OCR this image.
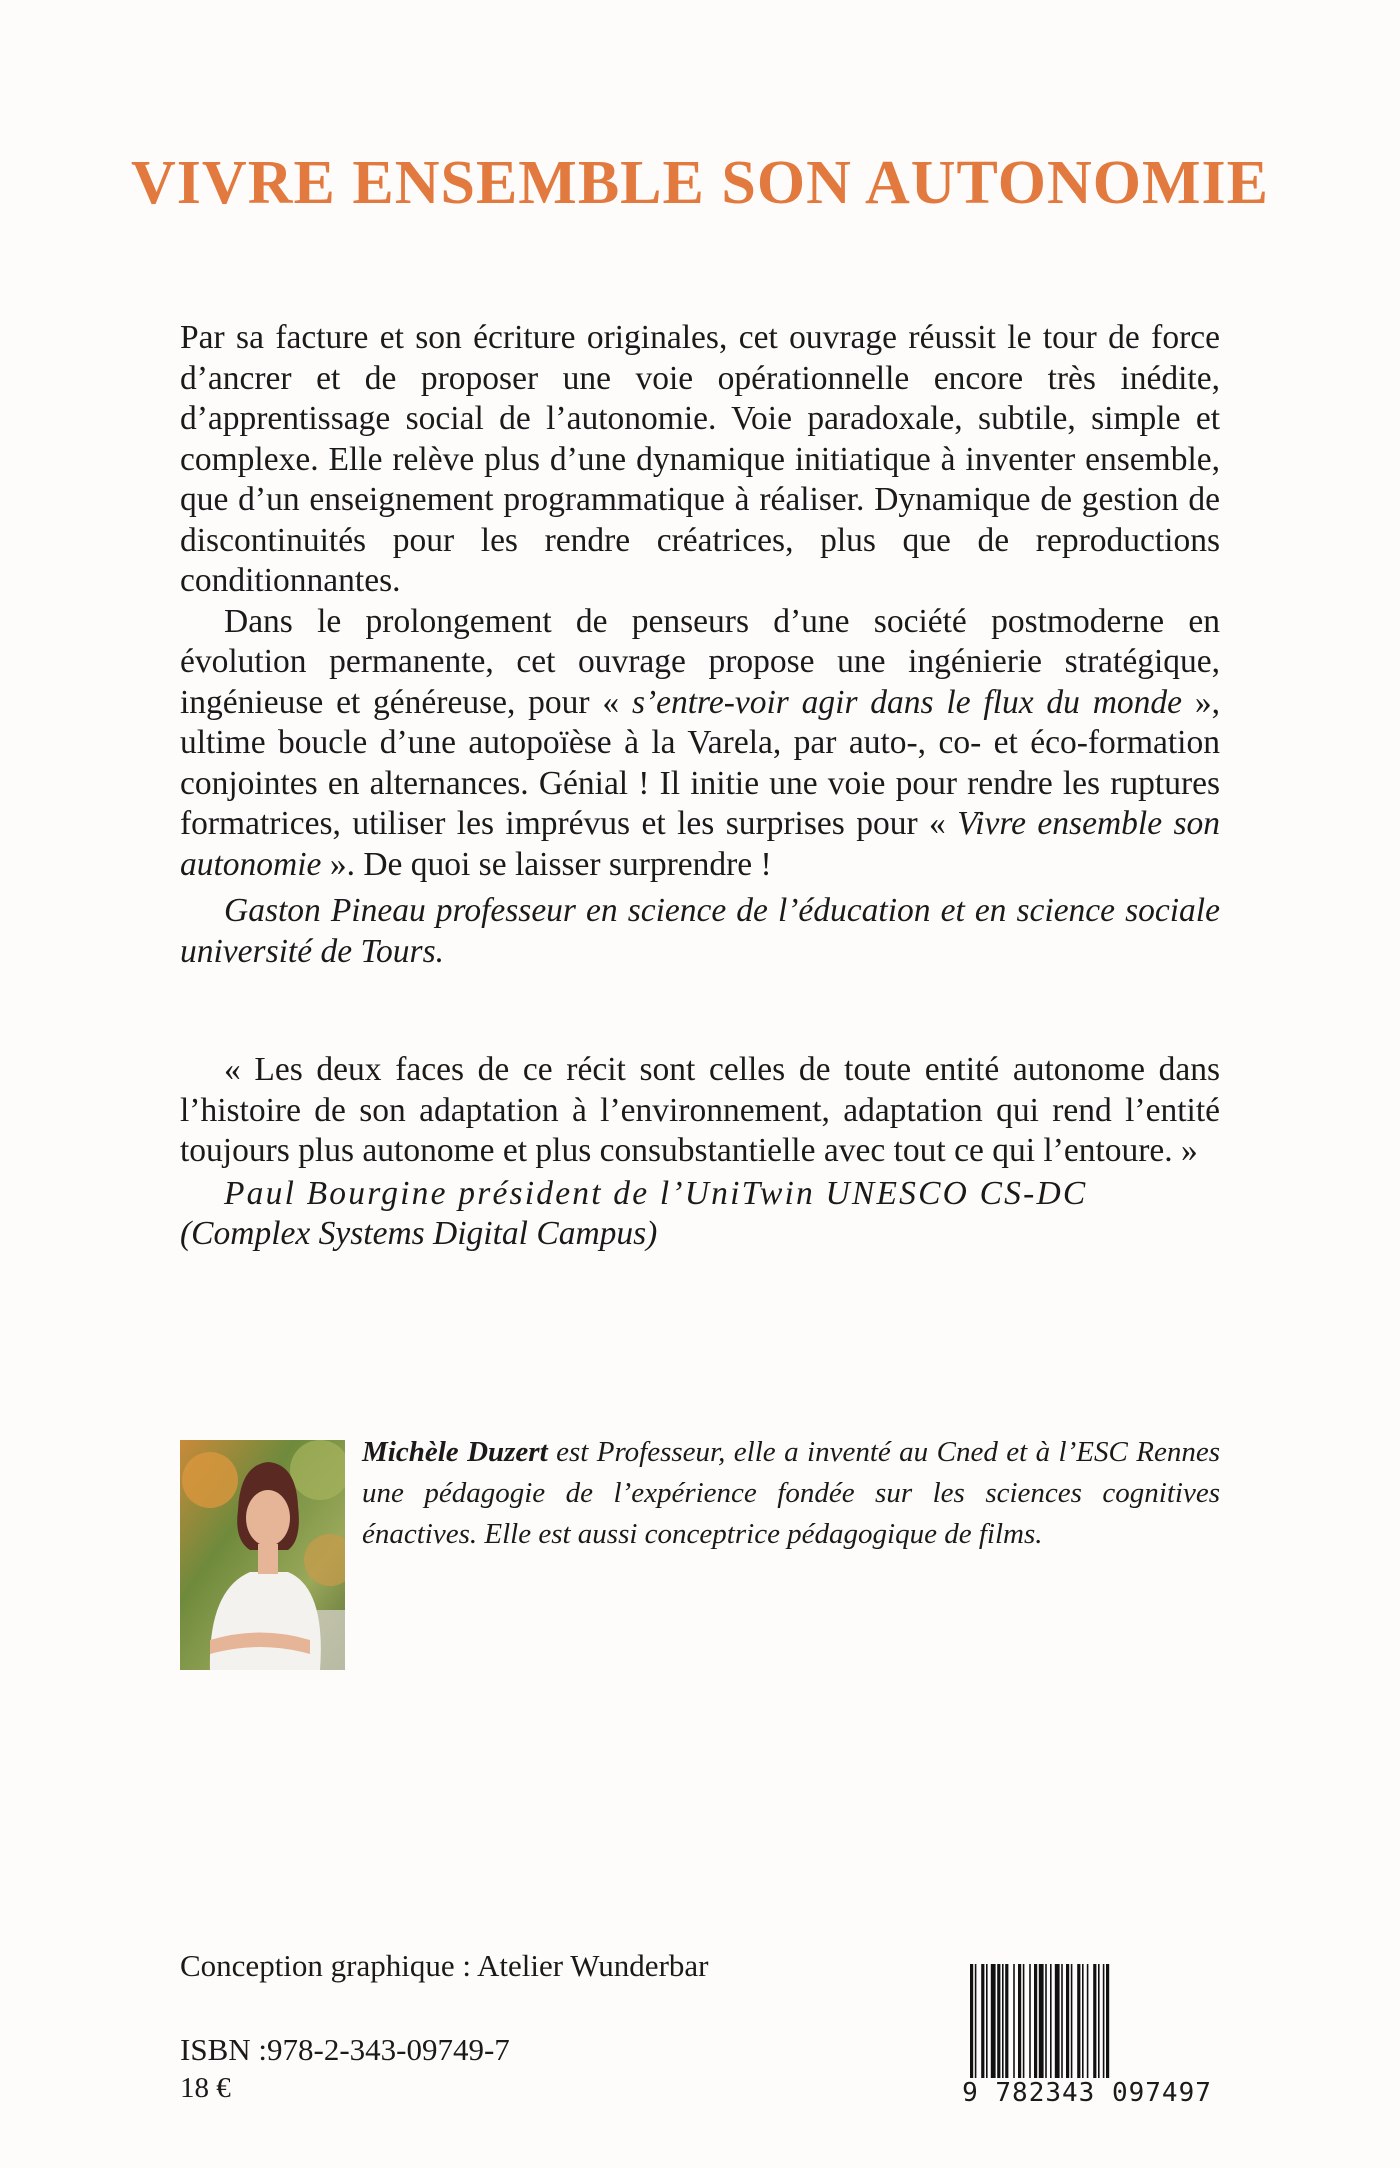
VIVRE ENSEMBLE SON AUTONOMIE

Par sa facture et son écriture originales, cet ouvrage réussit le tour de force d’ancrer et de proposer une voie opérationnelle encore très inédite, d’apprentissage social de l’autonomie. Voie paradoxale, subtile, simple et complexe. Elle relève plus d’une dynamique initiatique à inventer ensemble, que d’un enseignement programmatique à réaliser. Dynamique de gestion de discontinuités pour les rendre créatrices, plus que de reproductions conditionnantes.

Dans le prolongement de penseurs d’une société postmoderne en évolution permanente, cet ouvrage propose une ingénierie stratégique, ingénieuse et généreuse, pour « s’entre-voir agir dans le flux du monde », ultime boucle d’une autopoïèse à la Varela, par auto-, co- et éco-formation conjointes en alternances. Génial ! Il initie une voie pour rendre les ruptures formatrices, utiliser les imprévus et les surprises pour « Vivre ensemble son autonomie ». De quoi se laisser surprendre !

Gaston Pineau professeur en science de l’éducation et en science sociale université de Tours.

« Les deux faces de ce récit sont celles de toute entité autonome dans l’histoire de son adaptation à l’environnement, adaptation qui rend l’entité toujours plus autonome et plus consubstantielle avec tout ce qui l’entoure. »

Paul Bourgine président de l’UniTwin UNESCO CS-DC

(Complex Systems Digital Campus)

Michèle Duzert est Professeur, elle a inventé au Cned et à l’ESC Rennes une pédagogie de l’expérience fondée sur les sciences cognitives énactives. Elle est aussi conceptrice pédagogique de films.
Conception graphique : Atelier Wunderbar
ISBN :978-2-343-09749-7
18 €	9 782343 097497
